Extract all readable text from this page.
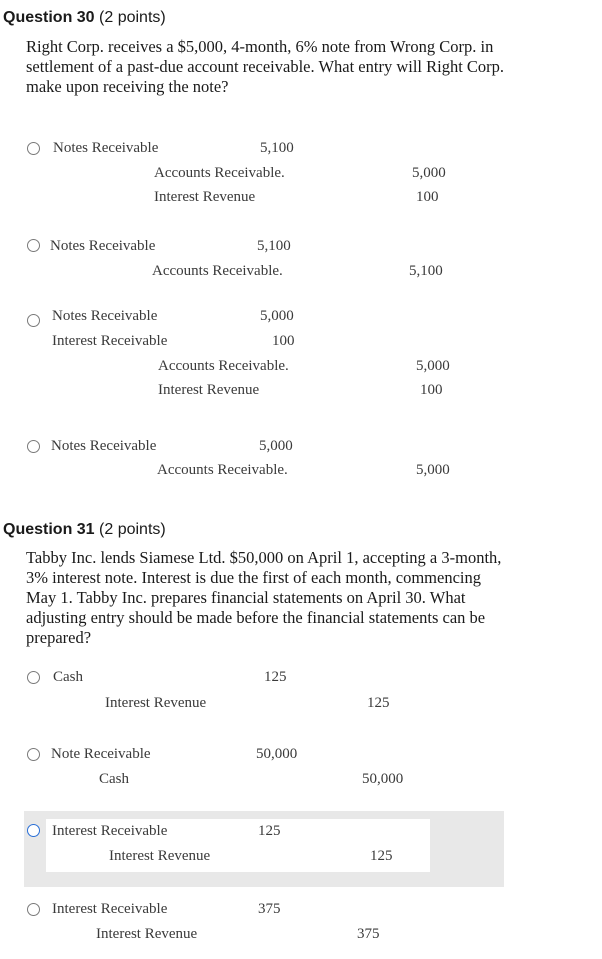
Question 30 (2 points)
Right Corp. receives a $5,000, 4-month, 6% note from Wrong Corp. in settlement of a past-due account receivable. What entry will Right Corp. make upon receiving the note?
Notes Receivable	5,100
Accounts Receivable.	5,000
Interest Revenue	100
Notes Receivable	5,100
Accounts Receivable.	5,100
Notes Receivable	5,000
Interest Receivable	100
Accounts Receivable.	5,000
Interest Revenue	100
Notes Receivable	5,000
Accounts Receivable.	5,000
Question 31 (2 points)
Tabby Inc. lends Siamese Ltd. $50,000 on April 1, accepting a 3-month, 3% interest note. Interest is due the first of each month, commencing May 1. Tabby Inc. prepares financial statements on April 30. What adjusting entry should be made before the financial statements can be prepared?
Cash	125
Interest Revenue	125
Note Receivable	50,000
Cash	50,000
Interest Receivable	125
Interest Revenue	125
Interest Receivable	375
Interest Revenue	375
